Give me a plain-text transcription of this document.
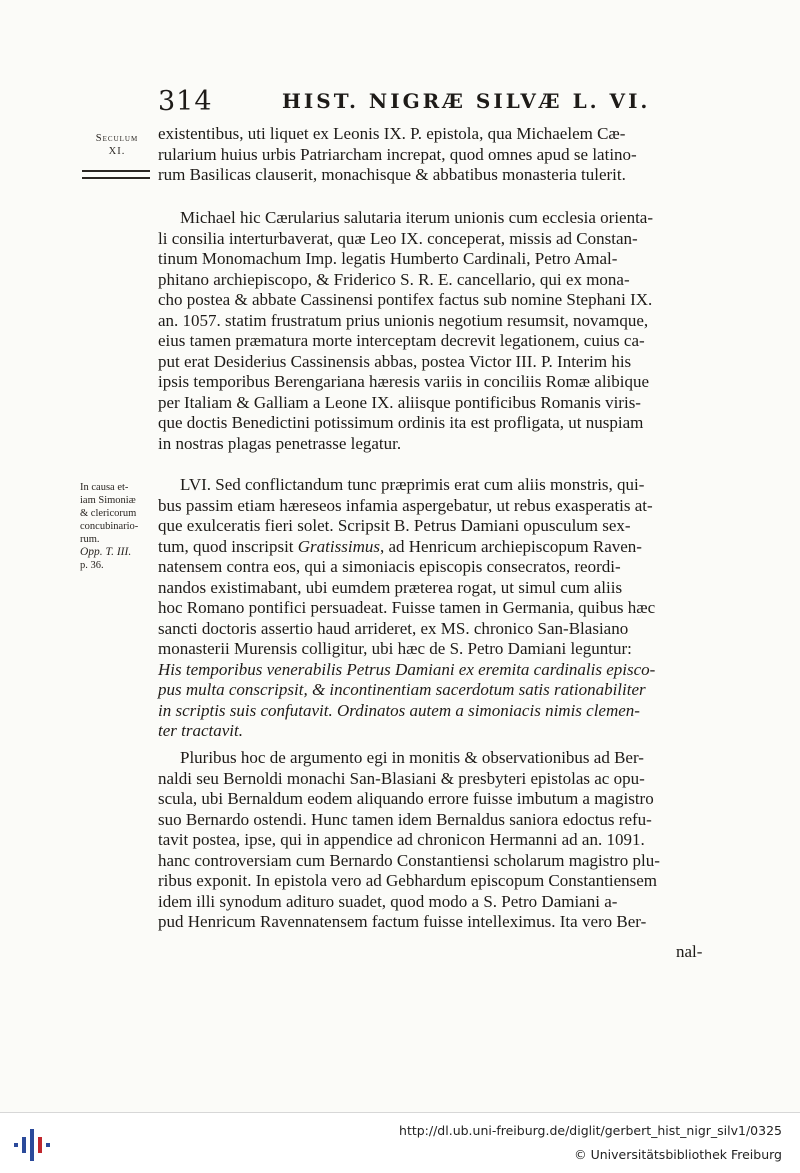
314	HIST. NIGRÆ SILVÆ L. VI.
Seculum
XI.
In causa et-
iam Simoniæ
& clericorum
concubinario-
rum.
Opp. T. III.
p. 36.
existentibus, uti liquet ex Leonis IX. P. epistola, qua Michaelem Cæ-
rularium huius urbis Patriarcham increpat, quod omnes apud se latino-
rum Basilicas clauserit, monachisque & abbatibus monasteria tulerit.
Michael hic Cærularius salutaria iterum unionis cum ecclesia orienta-
li consilia interturbaverat, quæ Leo IX. conceperat, missis ad Constan-
tinum Monomachum Imp. legatis Humberto Cardinali, Petro Amal-
phitano archiepiscopo, & Friderico S. R. E. cancellario, qui ex mona-
cho postea & abbate Cassinensi pontifex factus sub nomine Stephani IX.
an. 1057. statim frustratum prius unionis negotium resumsit, novamque,
eius tamen præmatura morte interceptam decrevit legationem, cuius ca-
put erat Desiderius Cassinensis abbas, postea Victor III. P. Interim his
ipsis temporibus Berengariana hæresis variis in conciliis Romæ alibique
per Italiam & Galliam a Leone IX. aliisque pontificibus Romanis viris-
que doctis Benedictini potissimum ordinis ita est profligata, ut nuspiam
in nostras plagas penetrasse legatur.
LVI. Sed conflictandum tunc præprimis erat cum aliis monstris, qui-
bus passim etiam hæreseos infamia aspergebatur, ut rebus exasperatis at-
que exulceratis fieri solet. Scripsit B. Petrus Damiani opusculum sex-
tum, quod inscripsit Gratissimus, ad Henricum archiepiscopum Raven-
natensem contra eos, qui a simoniacis episcopis consecratos, reordi-
nandos existimabant, ubi eumdem præterea rogat, ut simul cum aliis
hoc Romano pontifici persuadeat. Fuisse tamen in Germania, quibus hæc
sancti doctoris assertio haud arrideret, ex MS. chronico San-Blasiano
monasterii Murensis colligitur, ubi hæc de S. Petro Damiani leguntur:
His temporibus venerabilis Petrus Damiani ex eremita cardinalis episco-
pus multa conscripsit, & incontinentiam sacerdotum satis rationabiliter
in scriptis suis confutavit. Ordinatos autem a simoniacis nimis clemen-
ter tractavit.
Pluribus hoc de argumento egi in monitis & observationibus ad Ber-
naldi seu Bernoldi monachi San-Blasiani & presbyteri epistolas ac opu-
scula, ubi Bernaldum eodem aliquando errore fuisse imbutum a magistro
suo Bernardo ostendi. Hunc tamen idem Bernaldus saniora edoctus refu-
tavit postea, ipse, qui in appendice ad chronicon Hermanni ad an. 1091.
hanc controversiam cum Bernardo Constantiensi scholarum magistro plu-
ribus exponit. In epistola vero ad Gebhardum episcopum Constantiensem
idem illi synodum adituro suadet, quod modo a S. Petro Damiani a-
pud Henricum Ravennatensem factum fuisse intelleximus. Ita vero Ber-
nal-
http://dl.ub.uni-freiburg.de/diglit/gerbert_hist_nigr_silv1/0325
© Universitätsbibliothek Freiburg
